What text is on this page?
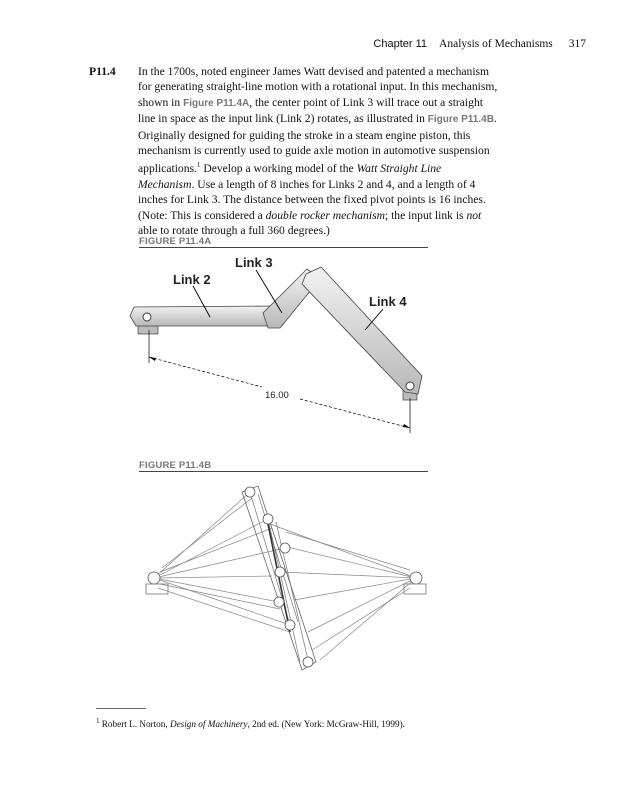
Chapter 11 Analysis of Mechanisms 317
P11.4	In the 1700s, noted engineer James Watt devised and patented a mechanism for generating straight-line motion with a rotational input. In this mechanism, shown in Figure P11.4A, the center point of Link 3 will trace out a straight line in space as the input link (Link 2) rotates, as illustrated in Figure P11.4B. Originally designed for guiding the stroke in a steam engine piston, this mechanism is currently used to guide axle motion in automotive suspension applications.$^1$ Develop a working model of the Watt Straight Line Mechanism. Use a length of 8 inches for Links 2 and 4, and a length of 4 inches for Link 3. The distance between the fixed pivot points is 16 inches. (Note: This is considered a double rocker mechanism; the input link is not able to rotate through a full 360 degrees.)

FIGURE P11.4A
Link 3
Link 2
Link 4
16.00
FIGURE P11.4B
$^1$ Robert L. Norton, Design of Machinery, 2nd ed. (New York: McGraw-Hill, 1999).
